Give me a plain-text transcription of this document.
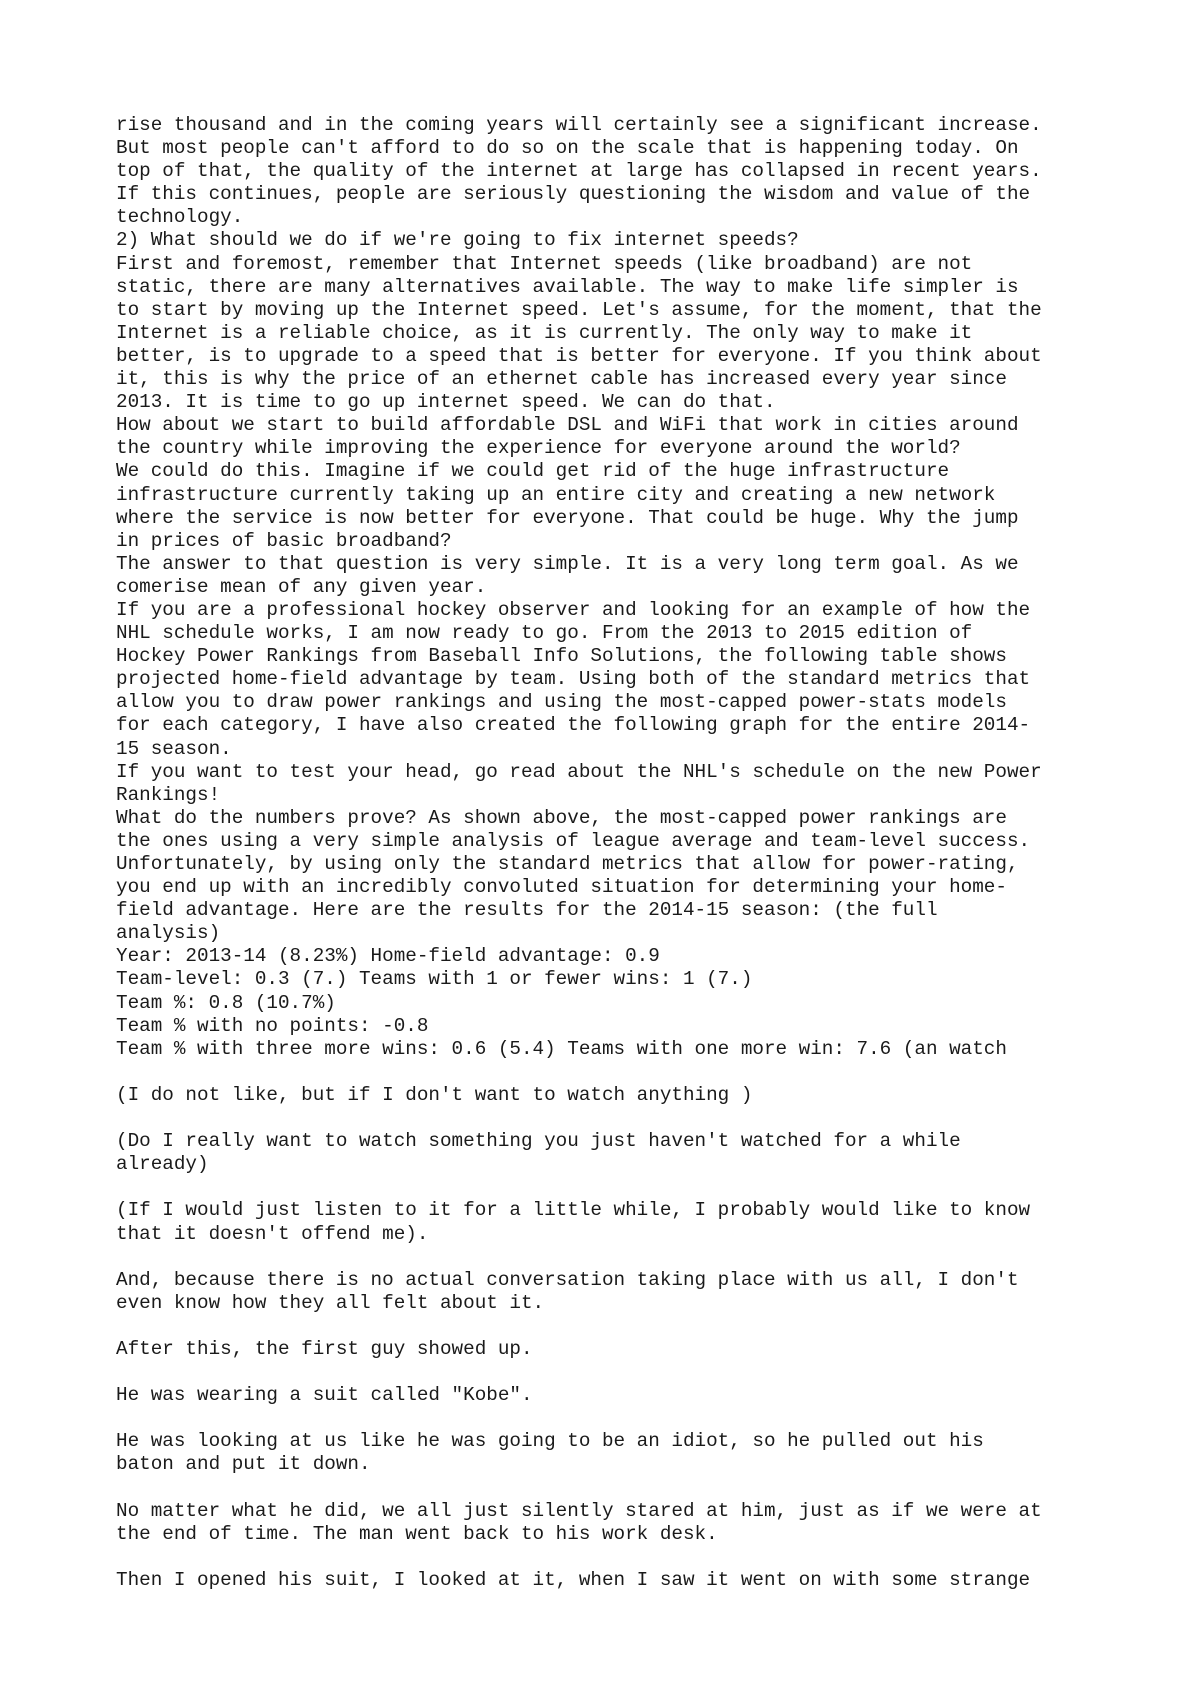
rise thousand and in the coming years will certainly see a significant increase.
But most people can't afford to do so on the scale that is happening today. On
top of that, the quality of the internet at large has collapsed in recent years.
If this continues, people are seriously questioning the wisdom and value of the
technology.
2) What should we do if we're going to fix internet speeds?
First and foremost, remember that Internet speeds (like broadband) are not
static, there are many alternatives available. The way to make life simpler is
to start by moving up the Internet speed. Let's assume, for the moment, that the
Internet is a reliable choice, as it is currently. The only way to make it
better, is to upgrade to a speed that is better for everyone. If you think about
it, this is why the price of an ethernet cable has increased every year since
2013. It is time to go up internet speed. We can do that.
How about we start to build affordable DSL and WiFi that work in cities around
the country while improving the experience for everyone around the world?
We could do this. Imagine if we could get rid of the huge infrastructure
infrastructure currently taking up an entire city and creating a new network
where the service is now better for everyone. That could be huge. Why the jump
in prices of basic broadband?
The answer to that question is very simple. It is a very long term goal. As we
comerise mean of any given year.
If you are a professional hockey observer and looking for an example of how the
NHL schedule works, I am now ready to go. From the 2013 to 2015 edition of
Hockey Power Rankings from Baseball Info Solutions, the following table shows
projected home-field advantage by team. Using both of the standard metrics that
allow you to draw power rankings and using the most-capped power-stats models
for each category, I have also created the following graph for the entire 2014-
15 season.
If you want to test your head, go read about the NHL's schedule on the new Power
Rankings!
What do the numbers prove? As shown above, the most-capped power rankings are
the ones using a very simple analysis of league average and team-level success.
Unfortunately, by using only the standard metrics that allow for power-rating,
you end up with an incredibly convoluted situation for determining your home-
field advantage. Here are the results for the 2014-15 season: (the full
analysis)
Year: 2013-14 (8.23%) Home-field advantage: 0.9
Team-level: 0.3 (7.) Teams with 1 or fewer wins: 1 (7.)
Team %: 0.8 (10.7%)
Team % with no points: -0.8
Team % with three more wins: 0.6 (5.4) Teams with one more win: 7.6 (an watch
(I do not like, but if I don't want to watch anything )
(Do I really want to watch something you just haven't watched for a while
already)
(If I would just listen to it for a little while, I probably would like to know
that it doesn't offend me).
And, because there is no actual conversation taking place with us all, I don't
even know how they all felt about it.
After this, the first guy showed up.
He was wearing a suit called "Kobe".
He was looking at us like he was going to be an idiot, so he pulled out his
baton and put it down.
No matter what he did, we all just silently stared at him, just as if we were at
the end of time. The man went back to his work desk.
Then I opened his suit, I looked at it, when I saw it went on with some strange
